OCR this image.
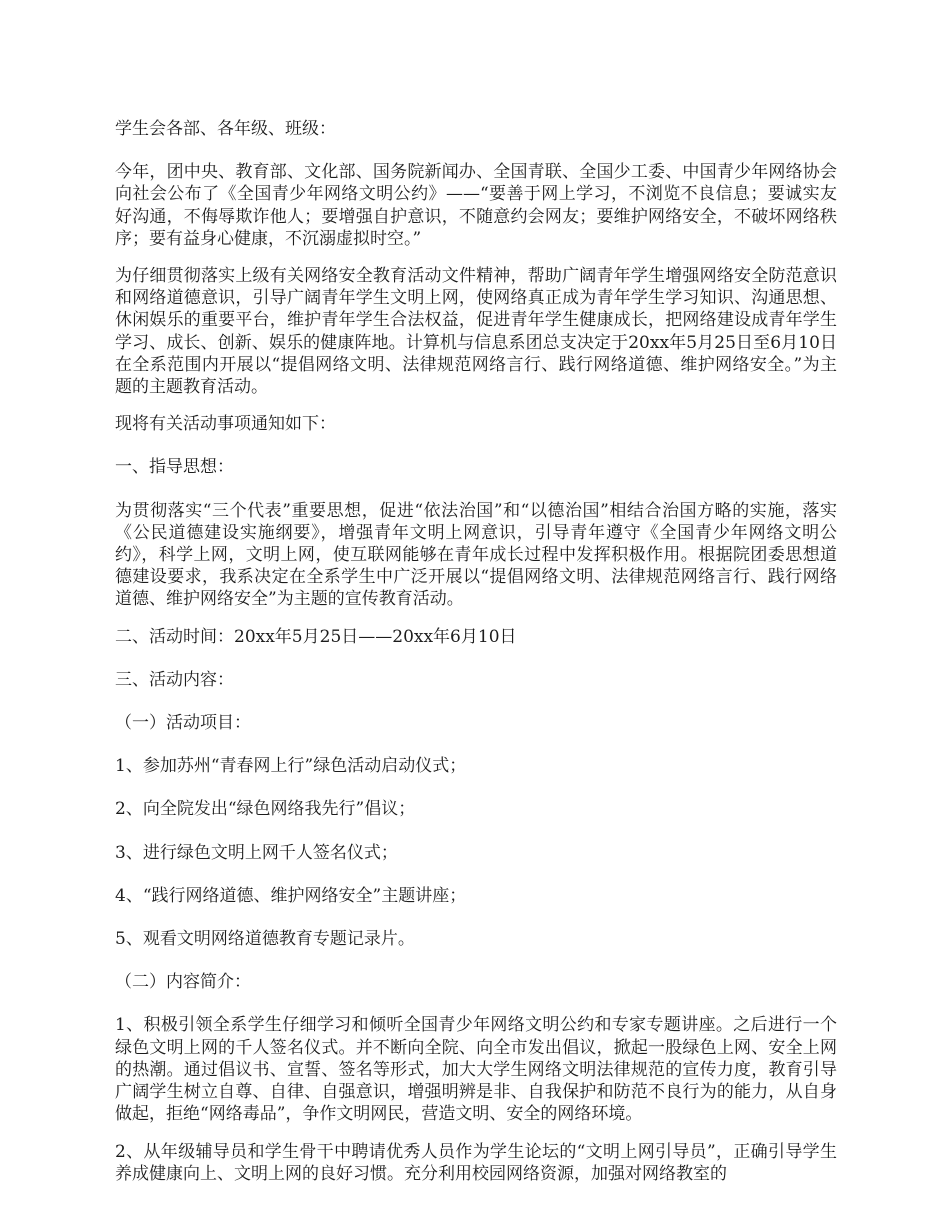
学生会各部、各年级、班级：

今年，团中央、教育部、文化部、国务院新闻办、全国青联、全国少工委、中国青少年网络协会向社会公布了《全国青少年网络文明公约》——“要善于网上学习，不浏览不良信息；要诚实友好沟通，不侮辱欺诈他人；要增强自护意识，不随意约会网友；要维护网络安全，不破坏网络秩序；要有益身心健康，不沉溺虚拟时空。”

为仔细贯彻落实上级有关网络安全教育活动文件精神，帮助广阔青年学生增强网络安全防范意识和网络道德意识，引导广阔青年学生文明上网，使网络真正成为青年学生学习知识、沟通思想、休闲娱乐的重要平台，维护青年学生合法权益，促进青年学生健康成长，把网络建设成青年学生学习、成长、创新、娱乐的健康阵地。计算机与信息系团总支决定于20xx年5月25日至6月10日在全系范围内开展以“提倡网络文明、法律规范网络言行、践行网络道德、维护网络安全。”为主题的主题教育活动。

现将有关活动事项通知如下：

一、指导思想：

为贯彻落实“三个代表”重要思想，促进“依法治国”和“以德治国”相结合治国方略的实施，落实《公民道德建设实施纲要》，增强青年文明上网意识，引导青年遵守《全国青少年网络文明公约》，科学上网，文明上网，使互联网能够在青年成长过程中发挥积极作用。根据院团委思想道德建设要求，我系决定在全系学生中广泛开展以“提倡网络文明、法律规范网络言行、践行网络道德、维护网络安全”为主题的宣传教育活动。

二、活动时间：20xx年5月25日——20xx年6月10日

三、活动内容：

（一）活动项目：

1、参加苏州“青春网上行”绿色活动启动仪式；

2、向全院发出“绿色网络我先行”倡议；

3、进行绿色文明上网千人签名仪式；

4、“践行网络道德、维护网络安全”主题讲座；

5、观看文明网络道德教育专题记录片。

（二）内容简介：

1、积极引领全系学生仔细学习和倾听全国青少年网络文明公约和专家专题讲座。之后进行一个绿色文明上网的千人签名仪式。并不断向全院、向全市发出倡议，掀起一股绿色上网、安全上网的热潮。通过倡议书、宣誓、签名等形式，加大大学生网络文明法律规范的宣传力度，教育引导广阔学生树立自尊、自律、自强意识，增强明辨是非、自我保护和防范不良行为的能力，从自身做起，拒绝“网络毒品”，争作文明网民，营造文明、安全的网络环境。

2、从年级辅导员和学生骨干中聘请优秀人员作为学生论坛的“文明上网引导员”，正确引导学生养成健康向上、文明上网的良好习惯。充分利用校园网络资源，加强对网络教室的
